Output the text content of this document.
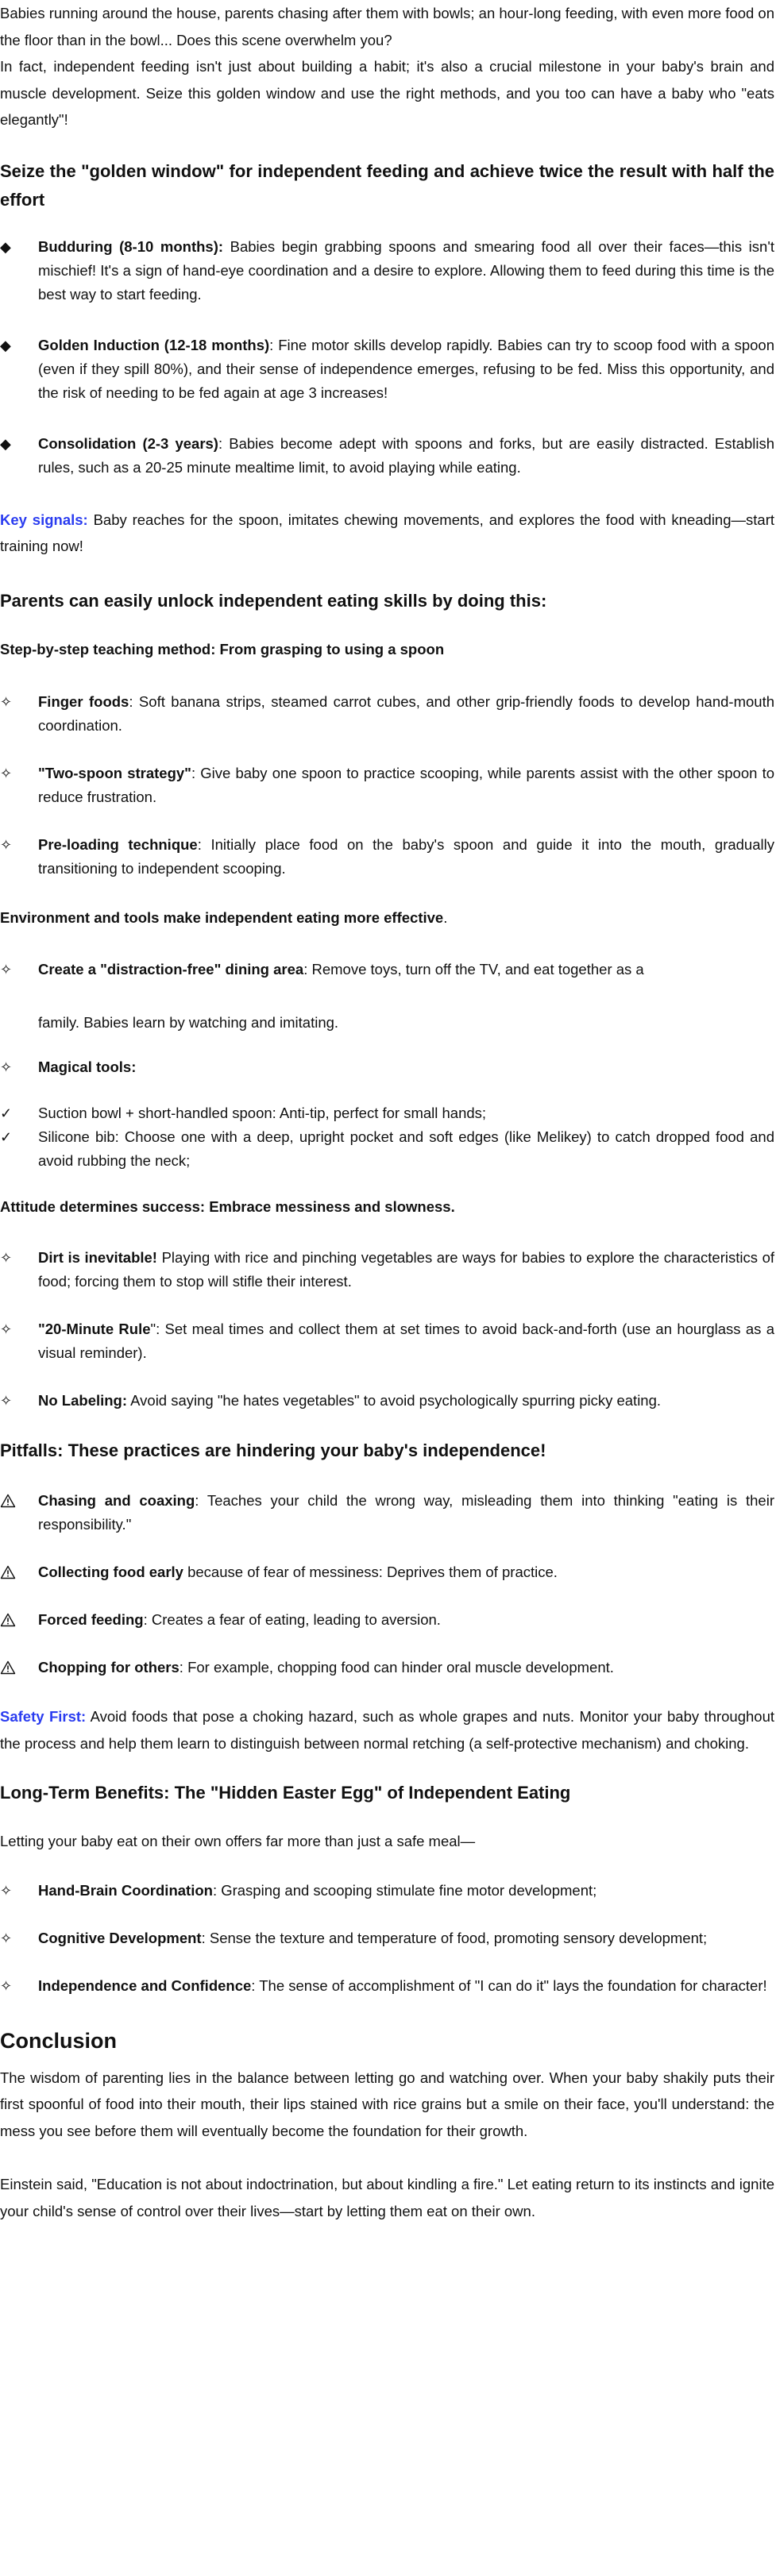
Babies running around the house, parents chasing after them with bowls; an hour-long feeding, with even more food on the floor than in the bowl... Does this scene overwhelm you?

In fact, independent feeding isn't just about building a habit; it's also a crucial milestone in your baby's brain and muscle development. Seize this golden window and use the right methods, and you too can have a baby who "eats elegantly"!

Seize the "golden window" for independent feeding and achieve twice the result with half the effort

◆	Budduring (8-10 months): Babies begin grabbing spoons and smearing food all over their faces—this isn't mischief! It's a sign of hand-eye coordination and a desire to explore. Allowing them to feed during this time is the best way to start feeding.

◆	Golden Induction (12-18 months): Fine motor skills develop rapidly. Babies can try to scoop food with a spoon (even if they spill 80%), and their sense of independence emerges, refusing to be fed. Miss this opportunity, and the risk of needing to be fed again at age 3 increases!

◆	Consolidation (2-3 years): Babies become adept with spoons and forks, but are easily distracted. Establish rules, such as a 20-25 minute mealtime limit, to avoid playing while eating.

Key signals: Baby reaches for the spoon, imitates chewing movements, and explores the food with kneading—start training now!

Parents can easily unlock independent eating skills by doing this:

Step-by-step teaching method: From grasping to using a spoon

✧	Finger foods: Soft banana strips, steamed carrot cubes, and other grip-friendly foods to develop hand-mouth coordination.

✧	"Two-spoon strategy": Give baby one spoon to practice scooping, while parents assist with the other spoon to reduce frustration.

✧	Pre-loading technique: Initially place food on the baby's spoon and guide it into the mouth, gradually transitioning to independent scooping.

Environment and tools make independent eating more effective.

✧	Create a "distraction-free" dining area: Remove toys, turn off the TV, and eat together as a

family. Babies learn by watching and imitating.

✧	Magical tools:

✓	Suction bowl + short-handled spoon: Anti-tip, perfect for small hands;

✓	Silicone bib: Choose one with a deep, upright pocket and soft edges (like Melikey) to catch dropped food and avoid rubbing the neck;

Attitude determines success: Embrace messiness and slowness.

✧	Dirt is inevitable! Playing with rice and pinching vegetables are ways for babies to explore the characteristics of food; forcing them to stop will stifle their interest.

✧	"20-Minute Rule": Set meal times and collect them at set times to avoid back-and-forth (use an hourglass as a visual reminder).

✧	No Labeling: Avoid saying "he hates vegetables" to avoid psychologically spurring picky eating.

Pitfalls: These practices are hindering your baby's independence!

Chasing and coaxing: Teaches your child the wrong way, misleading them into thinking "eating is their responsibility."

Collecting food early because of fear of messiness: Deprives them of practice.

Forced feeding: Creates a fear of eating, leading to aversion.

Chopping for others: For example, chopping food can hinder oral muscle development.

Safety First: Avoid foods that pose a choking hazard, such as whole grapes and nuts. Monitor your baby throughout the process and help them learn to distinguish between normal retching (a self-protective mechanism) and choking.

Long-Term Benefits: The "Hidden Easter Egg" of Independent Eating

Letting your baby eat on their own offers far more than just a safe meal—

✧	Hand-Brain Coordination: Grasping and scooping stimulate fine motor development;

✧	Cognitive Development: Sense the texture and temperature of food, promoting sensory development;

✧	Independence and Confidence: The sense of accomplishment of "I can do it" lays the foundation for character!

Conclusion

The wisdom of parenting lies in the balance between letting go and watching over. When your baby shakily puts their first spoonful of food into their mouth, their lips stained with rice grains but a smile on their face, you'll understand: the mess you see before them will eventually become the foundation for their growth.

Einstein said, "Education is not about indoctrination, but about kindling a fire." Let eating return to its instincts and ignite your child's sense of control over their lives—start by letting them eat on their own.
